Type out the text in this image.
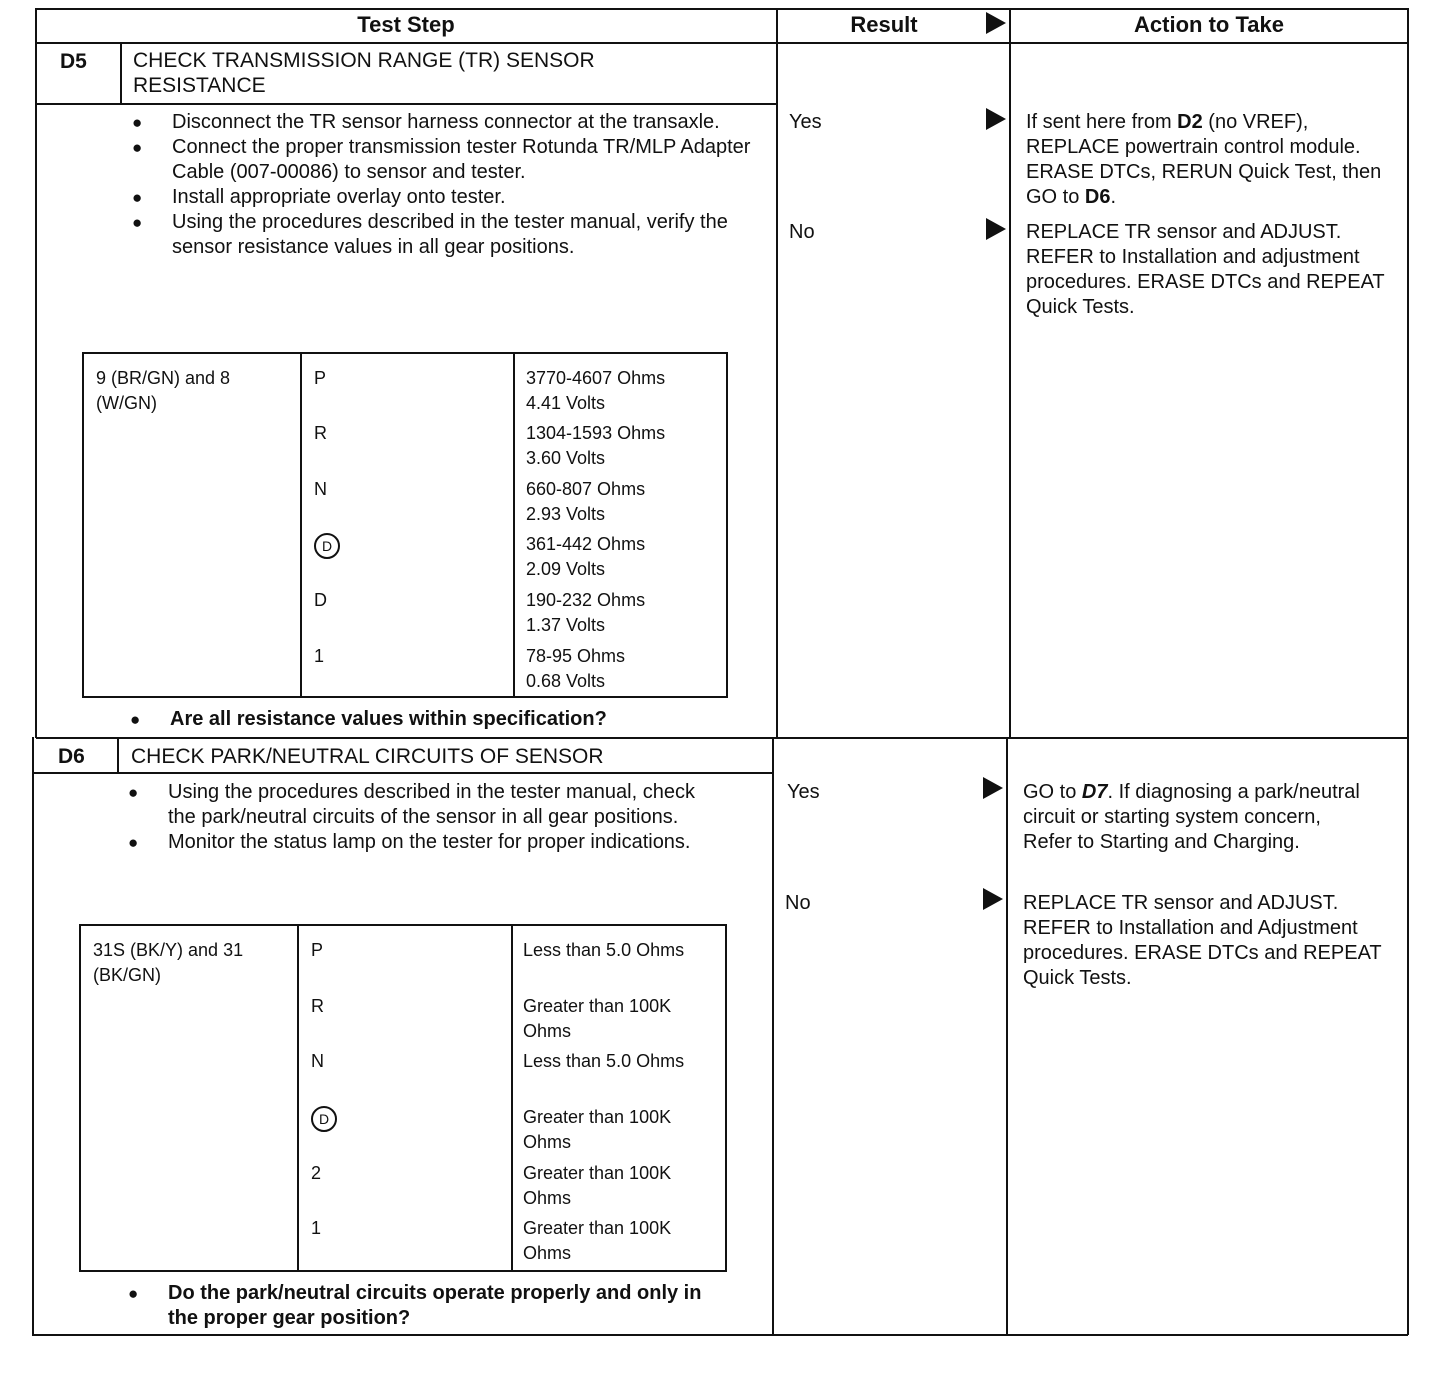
Test Step	Result	Action to Take
D5 CHECK TRANSMISSION RANGE (TR) SENSOR RESISTANCE
● Disconnect the TR sensor harness connector at the transaxle.
● Connect the proper transmission tester Rotunda TR/MLP Adapter Cable (007-00086) to sensor and tester.
● Install appropriate overlay onto tester.
● Using the procedures described in the tester manual, verify the sensor resistance values in all gear positions.
9 (BR/GN) and 8 (W/GN)
P	3770-4607 Ohms
4.41 Volts
R	1304-1593 Ohms
3.60 Volts
N	660-807 Ohms
2.93 Volts
D	361-442 Ohms
2.09 Volts
D	190-232 Ohms
1.37 Volts
1	78-95 Ohms
0.68 Volts
● Are all resistance values within specification?
Yes	If sent here from D2 (no VREF), REPLACE powertrain control module. ERASE DTCs, RERUN Quick Test, then GO to D6.
No	REPLACE TR sensor and ADJUST. REFER to Installation and adjustment procedures. ERASE DTCs and REPEAT Quick Tests.
D6 CHECK PARK/NEUTRAL CIRCUITS OF SENSOR
● Using the procedures described in the tester manual, check the park/neutral circuits of the sensor in all gear positions.
● Monitor the status lamp on the tester for proper indications.
31S (BK/Y) and 31 (BK/GN)
P	Less than 5.0 Ohms
R	Greater than 100K Ohms
N	Less than 5.0 Ohms
D	Greater than 100K Ohms
2	Greater than 100K Ohms
1	Greater than 100K Ohms
● Do the park/neutral circuits operate properly and only in the proper gear position?
Yes	GO to D7. If diagnosing a park/neutral circuit or starting system concern,
Refer to Starting and Charging.
No	REPLACE TR sensor and ADJUST. REFER to Installation and Adjustment procedures. ERASE DTCs and REPEAT Quick Tests.
